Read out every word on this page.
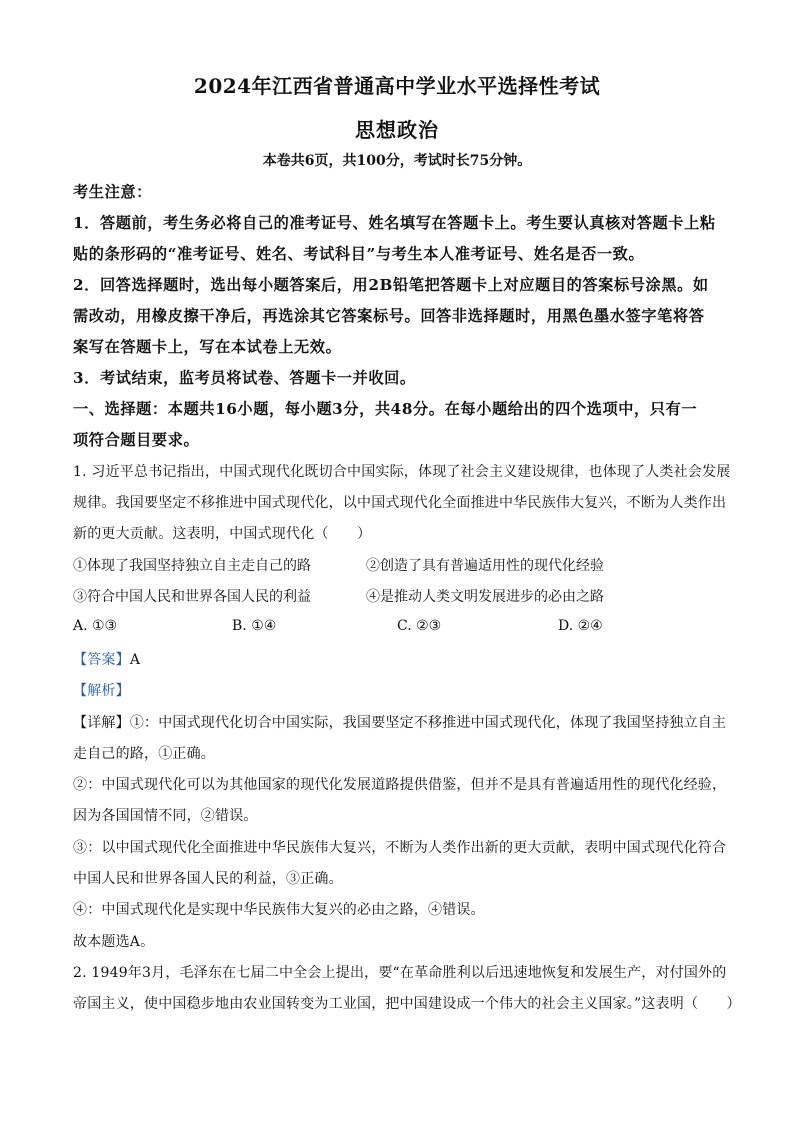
2024年江西省普通高中学业水平选择性考试
思想政治
本卷共6页，共100分，考试时长75分钟。
考生注意：
1．答题前，考生务必将自己的准考证号、姓名填写在答题卡上。考生要认真核对答题卡上粘
贴的条形码的“准考证号、姓名、考试科目”与考生本人准考证号、姓名是否一致。
2．回答选择题时，选出每小题答案后，用2B铅笔把答题卡上对应题目的答案标号涂黑。如
需改动，用橡皮擦干净后，再选涂其它答案标号。回答非选择题时，用黑色墨水签字笔将答
案写在答题卡上，写在本试卷上无效。
3．考试结束，监考员将试卷、答题卡一并收回。
一、选择题：本题共16小题，每小题3分，共48分。在每小题给出的四个选项中，只有一
项符合题目要求。
1. 习近平总书记指出，中国式现代化既切合中国实际，体现了社会主义建设规律，也体现了人类社会发展
规律。我国要坚定不移推进中国式现代化，以中国式现代化全面推进中华民族伟大复兴，不断为人类作出
新的更大贡献。这表明，中国式现代化（　　）
①体现了我国坚持独立自主走自己的路	②创造了具有普遍适用性的现代化经验
③符合中国人民和世界各国人民的利益	④是推动人类文明发展进步的必由之路
A. ①③	B. ①④	C. ②③	D. ②④
【答案】A
【解析】
【详解】①：中国式现代化切合中国实际，我国要坚定不移推进中国式现代化，体现了我国坚持独立自主
走自己的路，①正确。
②：中国式现代化可以为其他国家的现代化发展道路提供借鉴，但并不是具有普遍适用性的现代化经验，
因为各国国情不同，②错误。
③：以中国式现代化全面推进中华民族伟大复兴，不断为人类作出新的更大贡献，表明中国式现代化符合
中国人民和世界各国人民的利益，③正确。
④：中国式现代化是实现中华民族伟大复兴的必由之路，④错误。
故本题选A。
2. 1949年3月，毛泽东在七届二中全会上提出，要“在革命胜利以后迅速地恢复和发展生产，对付国外的
帝国主义，使中国稳步地由农业国转变为工业国，把中国建设成一个伟大的社会主义国家。”这表明（　　）
